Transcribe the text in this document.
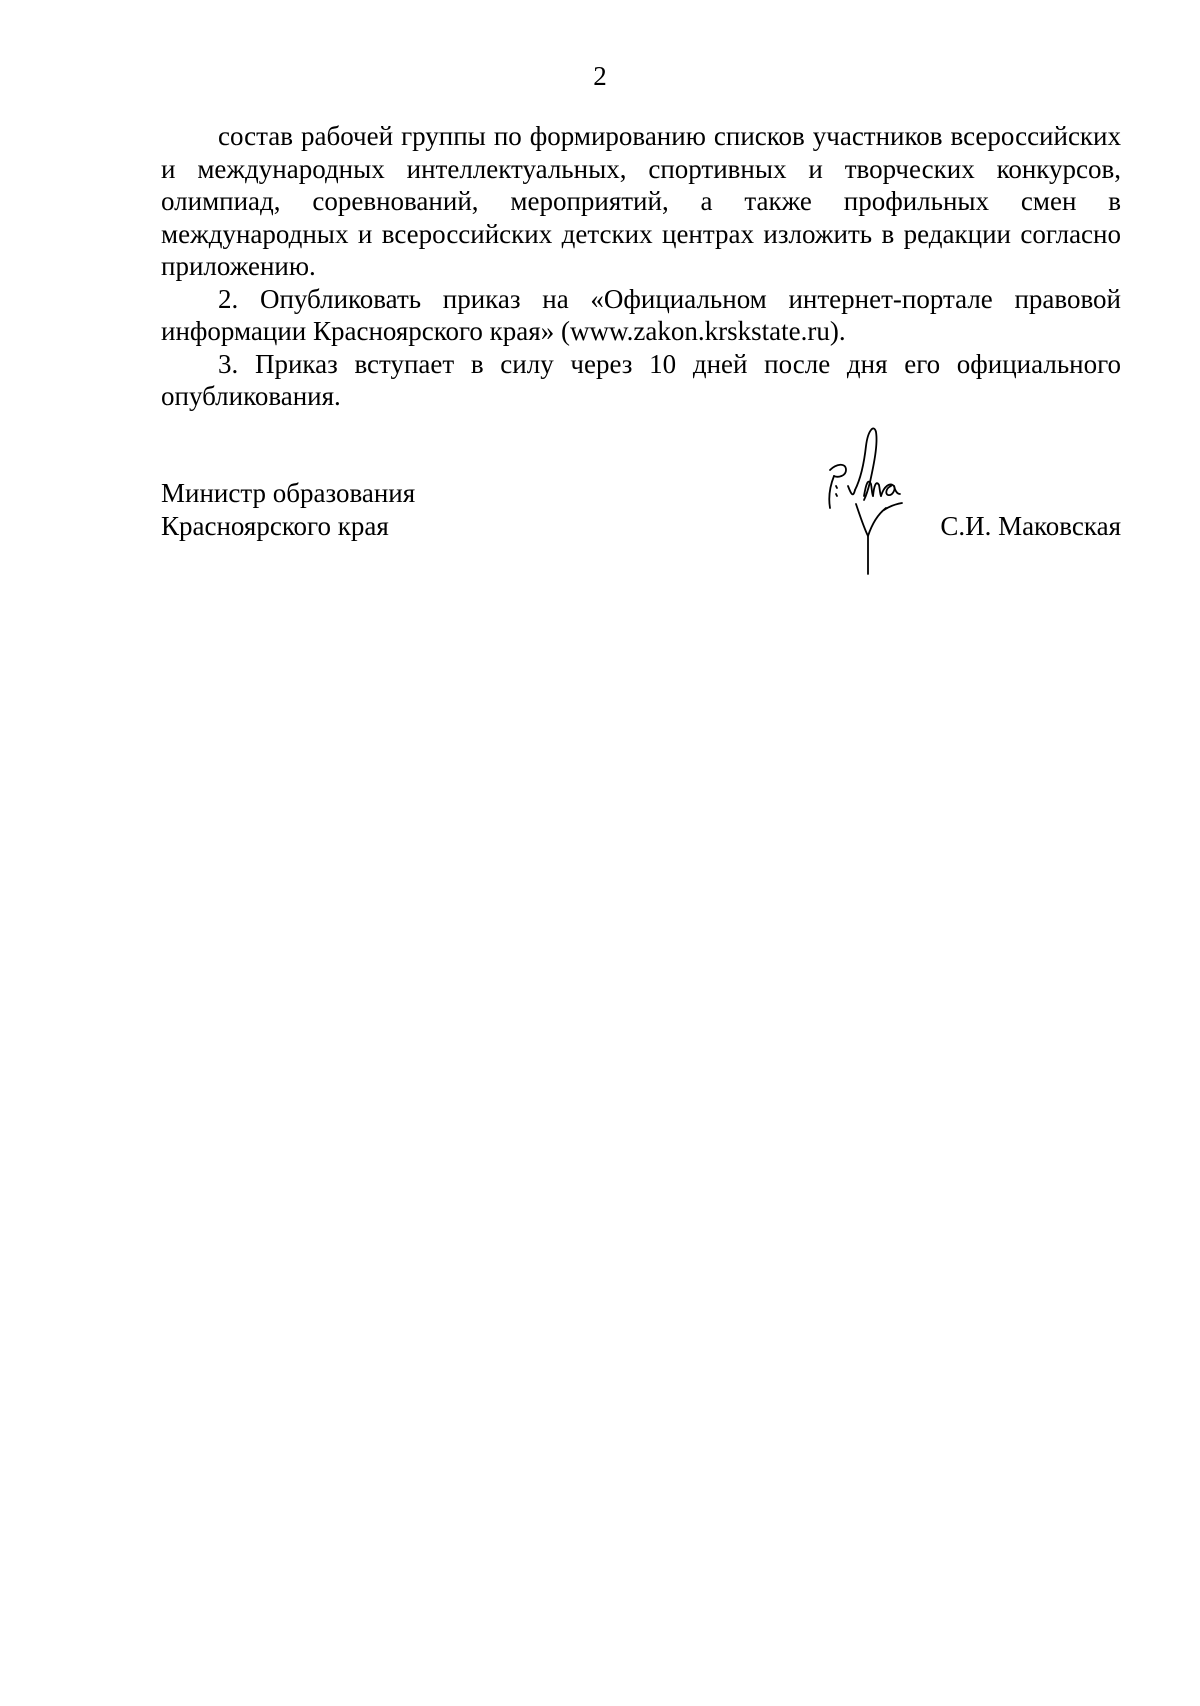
2

состав рабочей группы по формированию списков участников всероссийских и международных интеллектуальных, спортивных и творческих конкурсов, олимпиад, соревнований, мероприятий, а также профильных смен в международных и всероссийских детских центрах изложить в редакции согласно приложению.

2. Опубликовать приказ на «Официальном интернет-портале правовой информации Красноярского края» (www.zakon.krskstate.ru).

3. Приказ вступает в силу через 10 дней после дня его официального опубликования.

Министр образования
Красноярского края	С.И. Маковская
